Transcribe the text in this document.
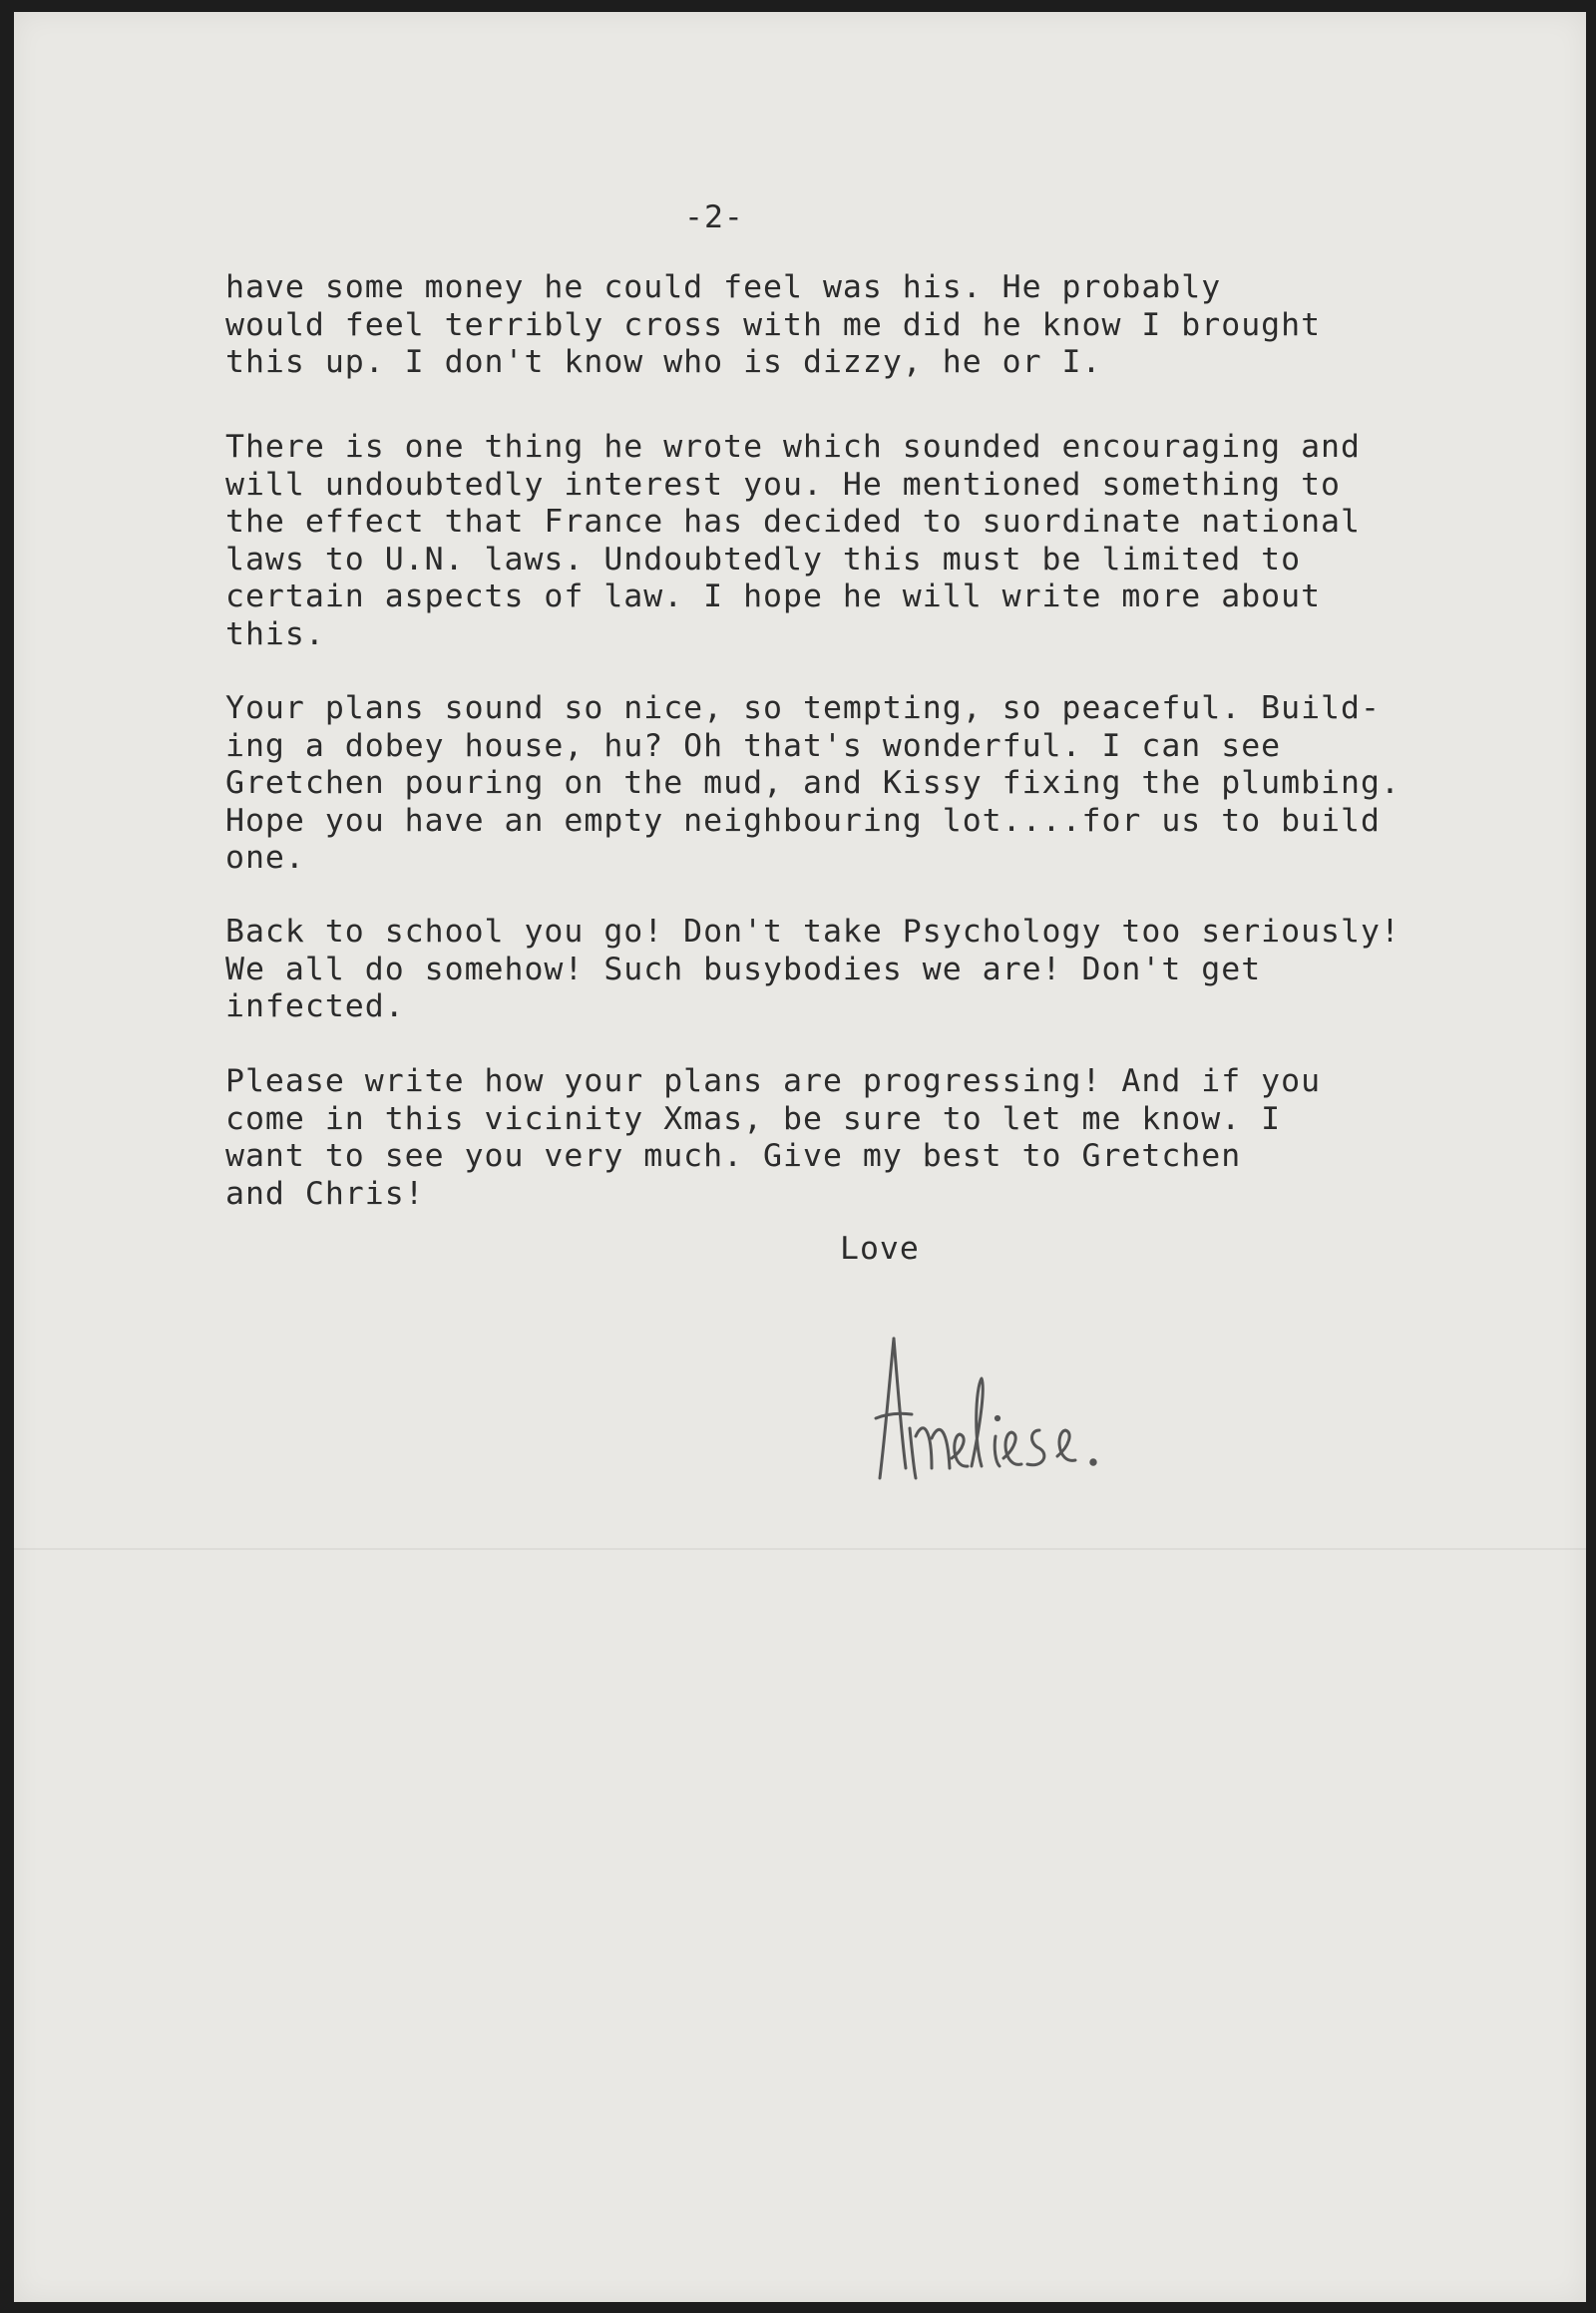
-2-

have some money he could feel was his. He probably
would feel terribly cross with me did he know I brought
this up. I don't know who is dizzy, he or I.

There is one thing he wrote which sounded encouraging and
will undoubtedly interest you. He mentioned something to
the effect that France has decided to suordinate national
laws to U.N. laws. Undoubtedly this must be limited to
certain aspects of law. I hope he will write more about
this.

Your plans sound so nice, so tempting, so peaceful. Build-
ing a dobey house, hu? Oh that's wonderful. I can see
Gretchen pouring on the mud, and Kissy fixing the plumbing.
Hope you have an empty neighbouring lot....for us to build
one.

Back to school you go! Don't take Psychology too seriously!
We all do somehow! Such busybodies we are! Don't get
infected.

Please write how your plans are progressing! And if you
come in this vicinity Xmas, be sure to let me know. I
want to see you very much. Give my best to Gretchen
and Chris!

Love
